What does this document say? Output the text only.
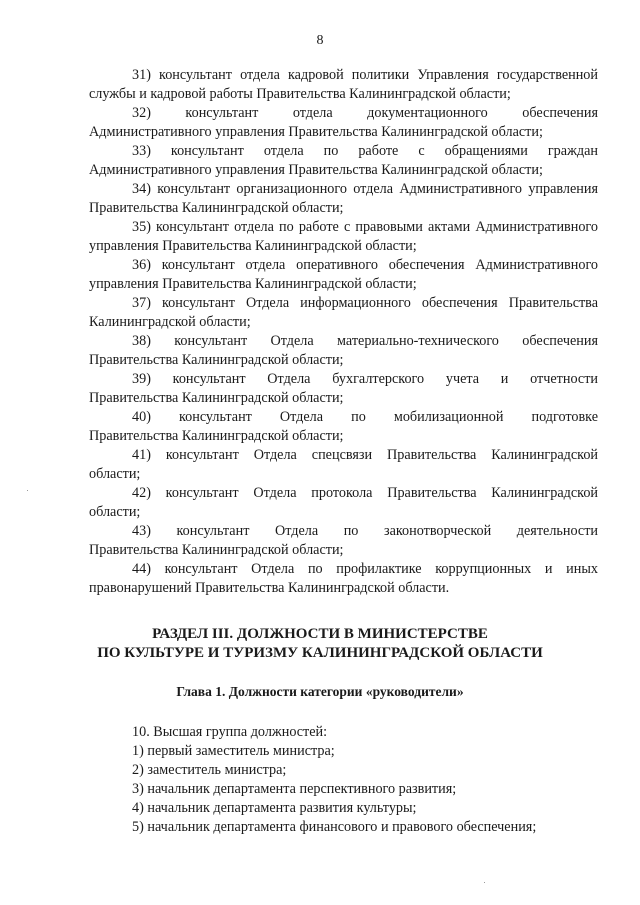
8

31) консультант отдела кадровой политики Управления государственной
службы и кадровой работы Правительства Калининградской области;

32) консультант отдела документационного обеспечения
Административного управления Правительства Калининградской области;

33) консультант отдела по работе с обращениями граждан
Административного управления Правительства Калининградской области;

34) консультант организационного отдела Административного управления
Правительства Калининградской области;

35) консультант отдела по работе с правовыми актами Административного
управления Правительства Калининградской области;

36) консультант отдела оперативного обеспечения Административного
управления Правительства Калининградской области;

37) консультант Отдела информационного обеспечения Правительства
Калининградской области;

38) консультант Отдела материально-технического обеспечения
Правительства Калининградской области;

39) консультант Отдела бухгалтерского учета и отчетности
Правительства Калининградской области;

40) консультант Отдела по мобилизационной подготовке
Правительства Калининградской области;

41) консультант Отдела спецсвязи Правительства Калининградской
области;

42) консультант Отдела протокола Правительства Калининградской
области;

43) консультант Отдела по законотворческой деятельности
Правительства Калининградской области;

44) консультант Отдела по профилактике коррупционных и иных
правонарушений Правительства Калининградской области.

РАЗДЕЛ III. ДОЛЖНОСТИ В МИНИСТЕРСТВЕ
ПО КУЛЬТУРЕ И ТУРИЗМУ КАЛИНИНГРАДСКОЙ ОБЛАСТИ
Глава 1. Должности категории «руководители»
10. Высшая группа должностей:
1) первый заместитель министра;
2) заместитель министра;
3) начальник департамента перспективного развития;
4) начальник департамента развития культуры;
5) начальник департамента финансового и правового обеспечения;
